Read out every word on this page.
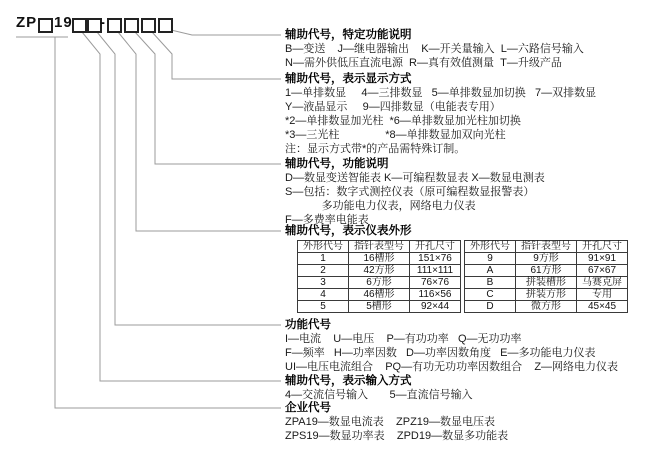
ZP 19 -
辅助代号，特定功能说明
B—变送    J—继电器输出    K—开关量输入  L—六路信号输入
N—需外供低压直流电源  R—真有效值测量  T—升级产品
辅助代号，表示显示方式
1—单排数显     4—三排数显   5—单排数显加切换   7—双排数显
Y—液晶显示     9—四排数显（电能表专用）
*2—单排数显加光柱  *6—单排数显加光柱加切换
*3—三光柱               *8—单排数显加双向光柱
注：显示方式带*的产品需特殊订制。
辅助代号，功能说明
D—数显变送智能表 K—可编程数显表 X—数显电测表
S—包括：数字式测控仪表（原可编程数显报警表）
多功能电力仪表，网络电力仪表
F—多费率电能表
辅助代号，表示仪表外形
外形代号	指针表型号	开孔尺寸
1	16槽形	151×76
2	42方形	111×111
3	6方形	76×76
4	46槽形	116×56
5	5槽形	92×44
外形代号	指针表型号	开孔尺寸
9	9方形	91×91
A	61方形	67×67
B	拼装槽形	马赛克屏
C	拼装方形	专用
D	微方形	45×45
功能代号
I—电流    U—电压    P—有功功率   Q—无功功率
F—频率   H—功率因数   D—功率因数角度   E—多功能电力仪表
UI—电压电流组合    PQ—有功无功功率因数组合    Z—网络电力仪表
辅助代号，表示输入方式
4—交流信号输入       5—直流信号输入
企业代号
ZPA19—数显电流表    ZPZ19—数显电压表
ZPS19—数显功率表    ZPD19—数显多功能表
